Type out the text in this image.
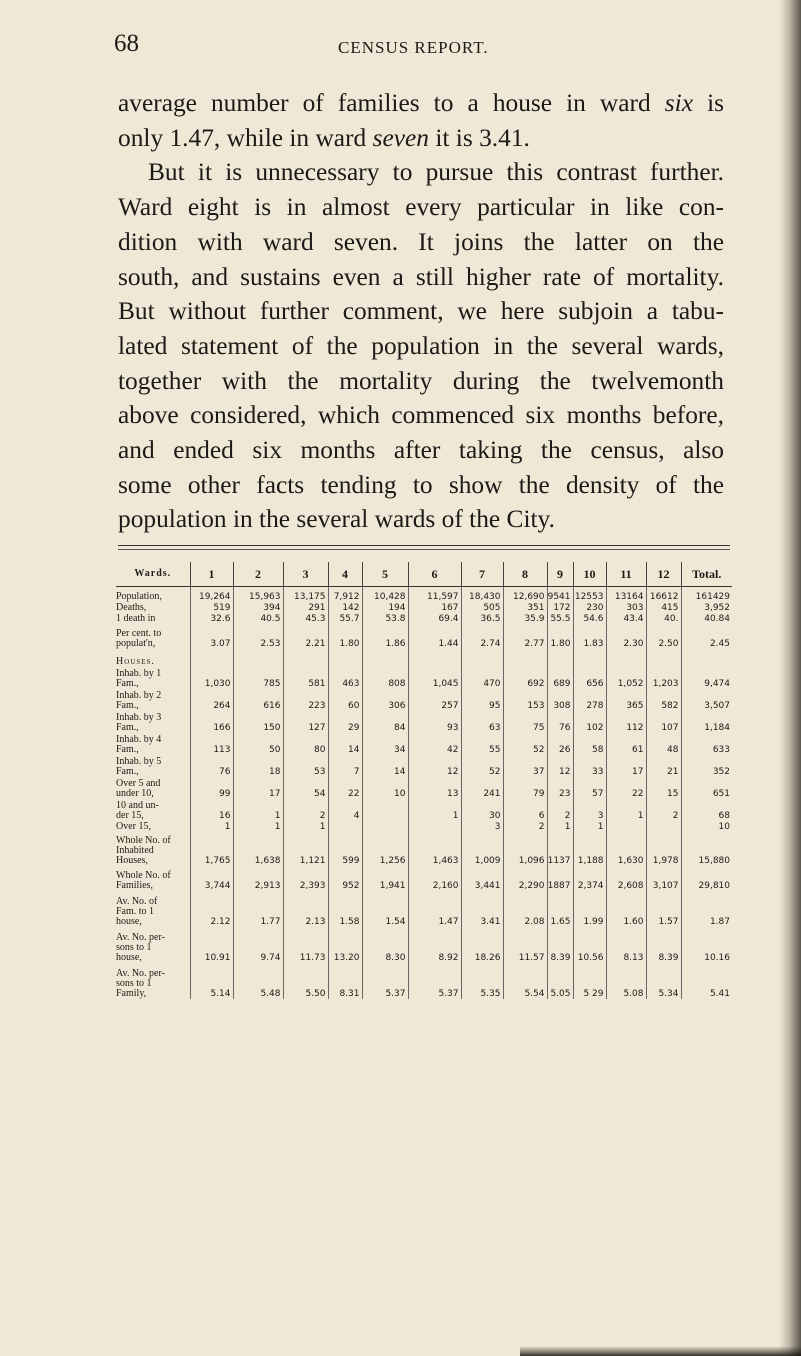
68	CENSUS REPORT.

average number of families to a house in ward six is
only 1.47, while in ward seven it is 3.41.

But it is unnecessary to pursue this contrast further.
Ward eight is in almost every particular in like con-
dition with ward seven. It joins the latter on the
south, and sustains even a still higher rate of mortality.
But without further comment, we here subjoin a tabu-
lated statement of the population in the several wards,
together with the mortality during the twelvemonth
above considered, which commenced six months before,
and ended six months after taking the census, also
some other facts tending to show the density of the
population in the several wards of the City.

Wards.	1	2	3	4	5	6	7	8	9	10	11	12	Total.

Population,	19,264	15,963	13,175	7,912	10,428	11,597	18,430	12,690	9541	12553	13164	16612	161429
Deaths,	519	394	291	142	194	167	505	351	172	230	303	415	3,952
1 death in	32.6	40.5	45.3	55.7	53.8	69.4	36.5	35.9	55.5	54.6	43.4	40.	40.84
Per cent. to
populat'n,	3.07	2.53	2.21	1.80	1.86	1.44	2.74	2.77	1.80	1.83	2.30	2.50	2.45
Houses.													
Inhab. by 1
Fam.,	1,030	785	581	463	808	1,045	470	692	689	656	1,052	1,203	9,474
Inhab. by 2
Fam.,	264	616	223	60	306	257	95	153	308	278	365	582	3,507
Inhab. by 3
Fam.,	166	150	127	29	84	93	63	75	76	102	112	107	1,184
Inhab. by 4
Fam.,	113	50	80	14	34	42	55	52	26	58	61	48	633
Inhab. by 5
Fam.,	76	18	53	7	14	12	52	37	12	33	17	21	352
Over 5 and
under 10,	99	17	54	22	10	13	241	79	23	57	22	15	651
10 and un-
der 15,	16	1	2	4		1	30	6	2	3	1	2	68
Over 15,	1	1	1				3	2	1	1			10
Whole No. of
Inhabited
Houses,	1,765	1,638	1,121	599	1,256	1,463	1,009	1,096	1137	1,188	1,630	1,978	15,880
Whole No. of
Families,	3,744	2,913	2,393	952	1,941	2,160	3,441	2,290	1887	2,374	2,608	3,107	29,810
Av. No. of
Fam. to 1
house,	2.12	1.77	2.13	1.58	1.54	1.47	3.41	2.08	1.65	1.99	1.60	1.57	1.87
Av. No. per-
sons to 1
house,	10.91	9.74	11.73	13.20	8.30	8.92	18.26	11.57	8.39	10.56	8.13	8.39	10.16
Av. No. per-
sons to 1
Family,	5.14	5.48	5.50	8.31	5.37	5.37	5.35	5.54	5.05	5 29	5.08	5.34	5.41
